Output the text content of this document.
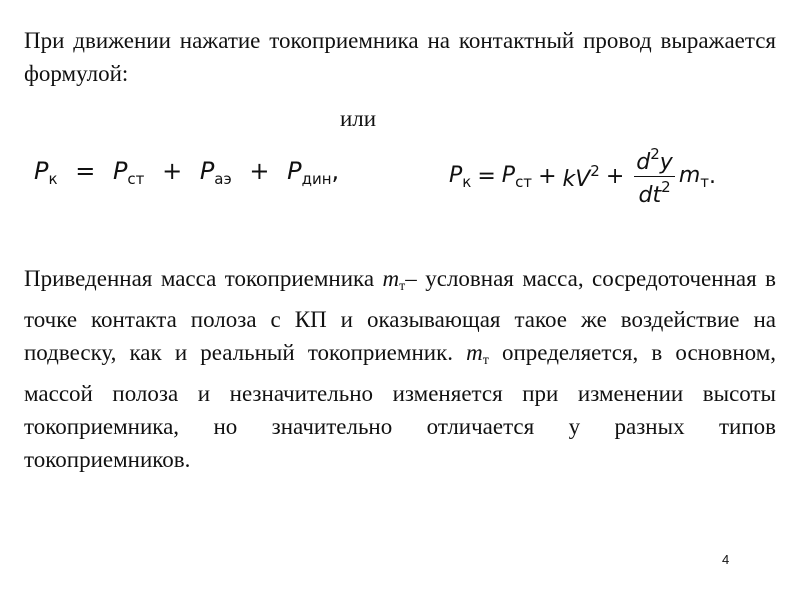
При движении нажатие токоприемника на контактный провод выражается формулой:

или
$P_к = P_{ст} + P_{аэ} + P_{дин}$,	$P_к = P_{ст} + kV^2 + \frac{d^2y}{dt^2} m_т$ .

Приведенная масса токоприемника $m_т-$ условная масса, сосредоточенная в точке контакта полоза с КП и оказывающая такое же воздействие на подвеску, как и реальный токоприемник. $m_т$ определяется, в основном, массой полоза и незначительно изменяется при изменении высоты токоприемника, но значительно отличается у разных типов токоприемников.

4
